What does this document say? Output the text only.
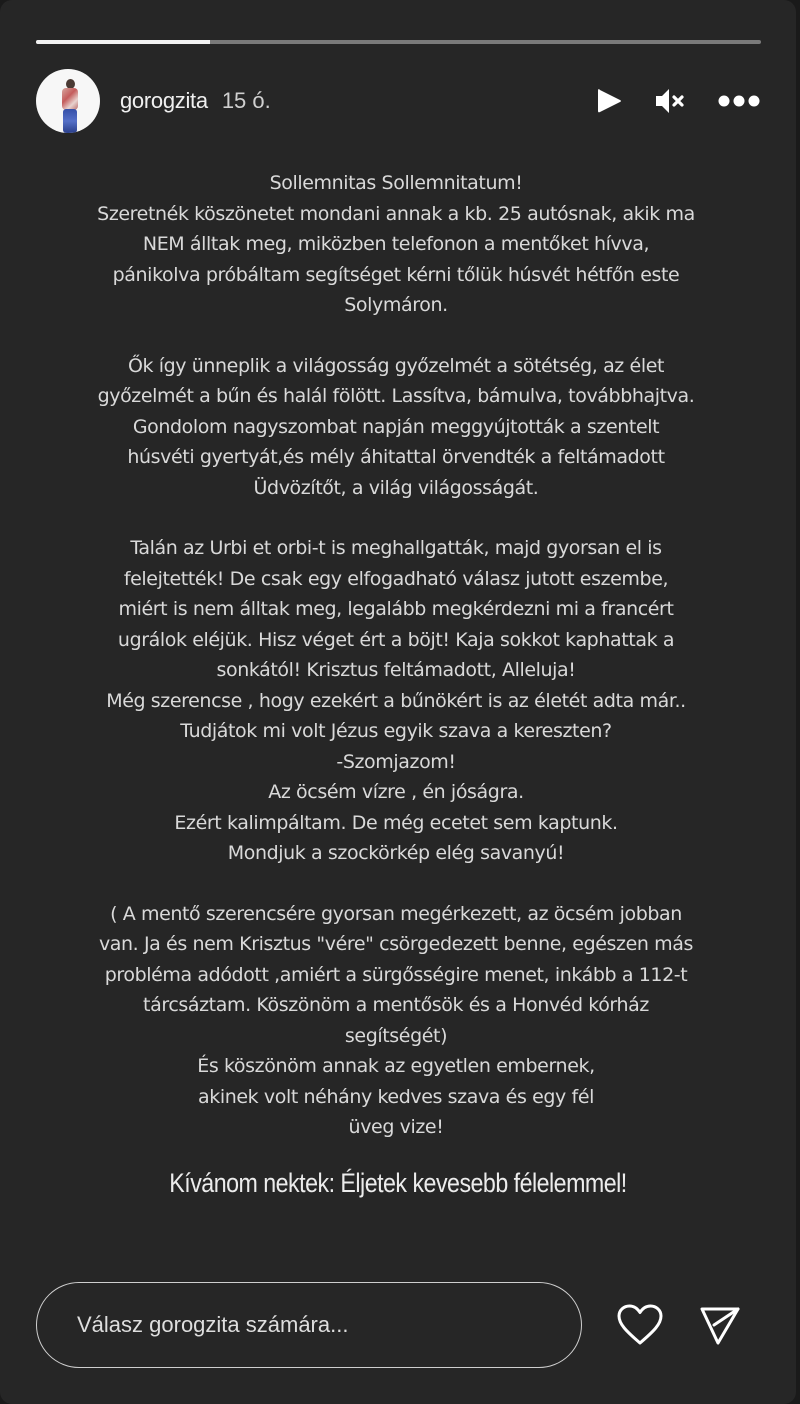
gorogzita 15 ó.
Sollemnitas Sollemnitatum!
Szeretnék köszönetet mondani annak a kb. 25 autósnak, akik ma
NEM álltak meg, miközben telefonon a mentőket hívva,
pánikolva próbáltam segítséget kérni tőlük húsvét hétfőn este
Solymáron.
Ők így ünneplik a világosság győzelmét a sötétség, az élet
győzelmét a bűn és halál fölött. Lassítva, bámulva, továbbhajtva.
Gondolom nagyszombat napján meggyújtották a szentelt
húsvéti gyertyát,és mély áhitattal örvendték a feltámadott
Üdvözítőt, a világ világosságát.
Talán az Urbi et orbi-t is meghallgatták, majd gyorsan el is
felejtették! De csak egy elfogadható válasz jutott eszembe,
miért is nem álltak meg, legalább megkérdezni mi a francért
ugrálok eléjük. Hisz véget ért a böjt! Kaja sokkot kaphattak a
sonkától! Krisztus feltámadott, Alleluja!
Még szerencse , hogy ezekért a bűnökért is az életét adta már..
Tudjátok mi volt Jézus egyik szava a kereszten?
-Szomjazom!
Az öcsém vízre , én jóságra.
Ezért kalimpáltam. De még ecetet sem kaptunk.
Mondjuk a szockörkép elég savanyú!
( A mentő szerencsére gyorsan megérkezett, az öcsém jobban
van. Ja és nem Krisztus "vére" csörgedezett benne, egészen más
probléma adódott ,amiért a sürgősségire menet, inkább a 112-t
tárcsáztam. Köszönöm a mentősök és a Honvéd kórház
segítségét)
És köszönöm annak az egyetlen embernek,
akinek volt néhány kedves szava és egy fél
üveg vize!
Kívánom nektek: Éljetek kevesebb félelemmel!
Válasz gorogzita számára...
